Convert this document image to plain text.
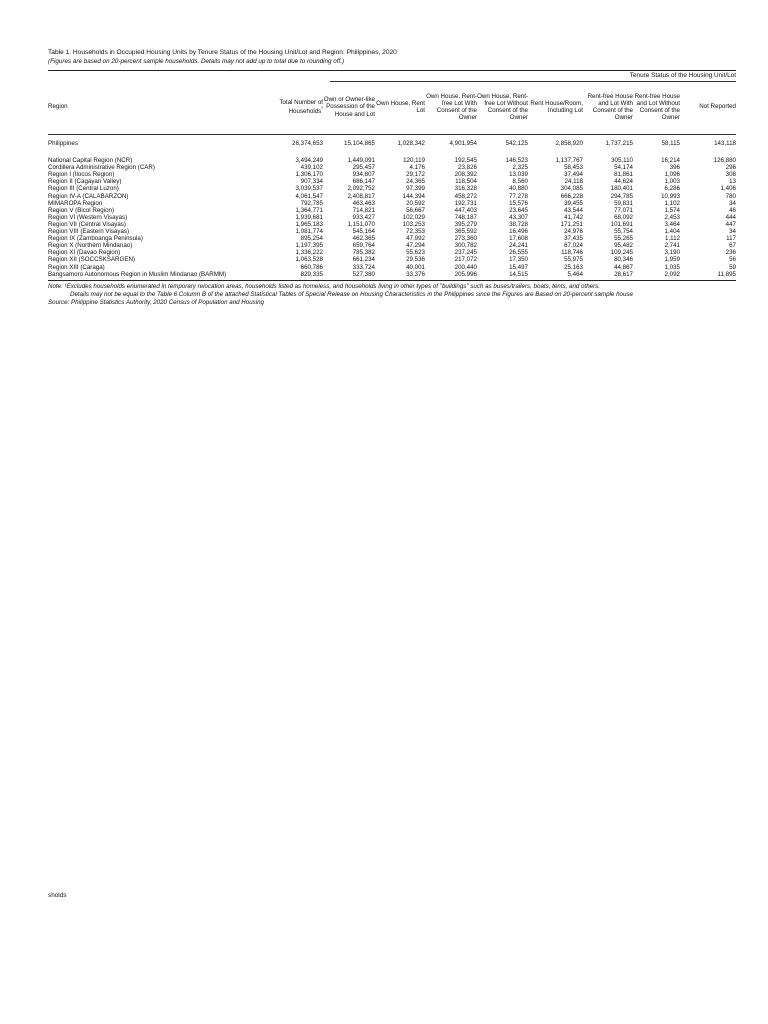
Table 1. Households in Occupied Housing Units by Tenure Status of the Housing Unit/Lot and Region: Philippines, 2020
(Figures are based on 20-percent sample households. Details may not add up to total due to rounding off.)
Tenure Status of the Housing Unit/Lot
Region	Total Number of Households$^{^1}$	Own or Owner-like Possession of the House and Lot	Own House, Rent Lot	Own House, Rent-free Lot With Consent of the Owner	Own House, Rent-free Lot Without Consent of the Owner	Rent House/Room, Including Lot	Rent-free House and Lot With Consent of the Owner	Rent-free House and Lot Without Consent of the Owner	Not Reported

Philippines	26,374,653	15,104,865	1,028,342	4,901,954	542,125	2,858,920	1,737,215	58,115	143,118

National Capital Region (NCR)	3,494,249	1,449,091	120,119	192,545	146,523	1,137,767	305,110	16,214	126,880
Cordillera Administrative Region (CAR)	439,102	295,457	4,176	23,826	2,325	58,453	54,174	396	296
Region I (Ilocos Region)	1,306,170	934,807	29,172	208,392	13,039	37,494	81,861	1,096	308
Region II (Cagayan Valley)	907,334	686,147	24,365	118,504	8,560	24,118	44,624	1,003	13
Region III (Central Luzon)	3,039,537	2,092,752	97,399	316,328	40,880	304,085	180,401	6,286	1,406
Region IV-A (CALABARZON)	4,061,547	2,408,817	144,394	458,272	77,278	666,228	294,785	10,993	780
MIMAROPA Region	792,785	463,463	20,592	192,731	15,576	39,455	59,831	1,102	34
Region V (Bicol Region)	1,364,771	714,821	56,667	447,403	23,645	43,544	77,071	1,574	46
Region VI (Western Visayas)	1,939,681	933,427	102,029	748,187	43,307	41,742	68,092	2,453	444
Region VII (Central Visayas)	1,965,183	1,151,070	103,253	395,279	38,728	171,251	101,691	3,464	447
Region VIII (Eastern Visayas)	1,081,774	545,164	72,353	365,592	16,496	24,976	55,754	1,404	34
Region IX (Zamboanga Peninsula)	895,254	462,365	47,992	273,360	17,608	37,435	55,265	1,112	117
Region X (Northern Mindanao)	1,197,395	659,764	47,294	300,782	24,241	67,024	95,482	2,741	67
Region XI (Davao Region)	1,336,222	785,382	55,623	237,245	26,555	118,746	109,245	3,190	236
Region XII (SOCCSKSARGEN)	1,063,528	661,234	29,536	217,072	17,350	55,975	80,346	1,959	56
Region XIII (Caraga)	660,786	333,724	40,001	200,440	15,497	25,163	44,867	1,035	59
Bangsamoro Autonomous Region in Muslim Mindanao (BARMM)	829,335	527,380	33,376	205,996	14,515	5,464	28,617	2,092	11,895
Note: ¹Excludes households enumerated in temporary relocation areas, households listed as homeless, and households living in other types of "buildings" such as buses/trailers, boats, tents, and others.
Details may not be equal to the Table 6 Column B of the attached Statistical Tables of Special Release on Housing Characteristics in the Philippines since the Figures are Based on 20-percent sample house
Source: Philippine Statistics Authority, 2020 Census of Population and Housing
sholds
